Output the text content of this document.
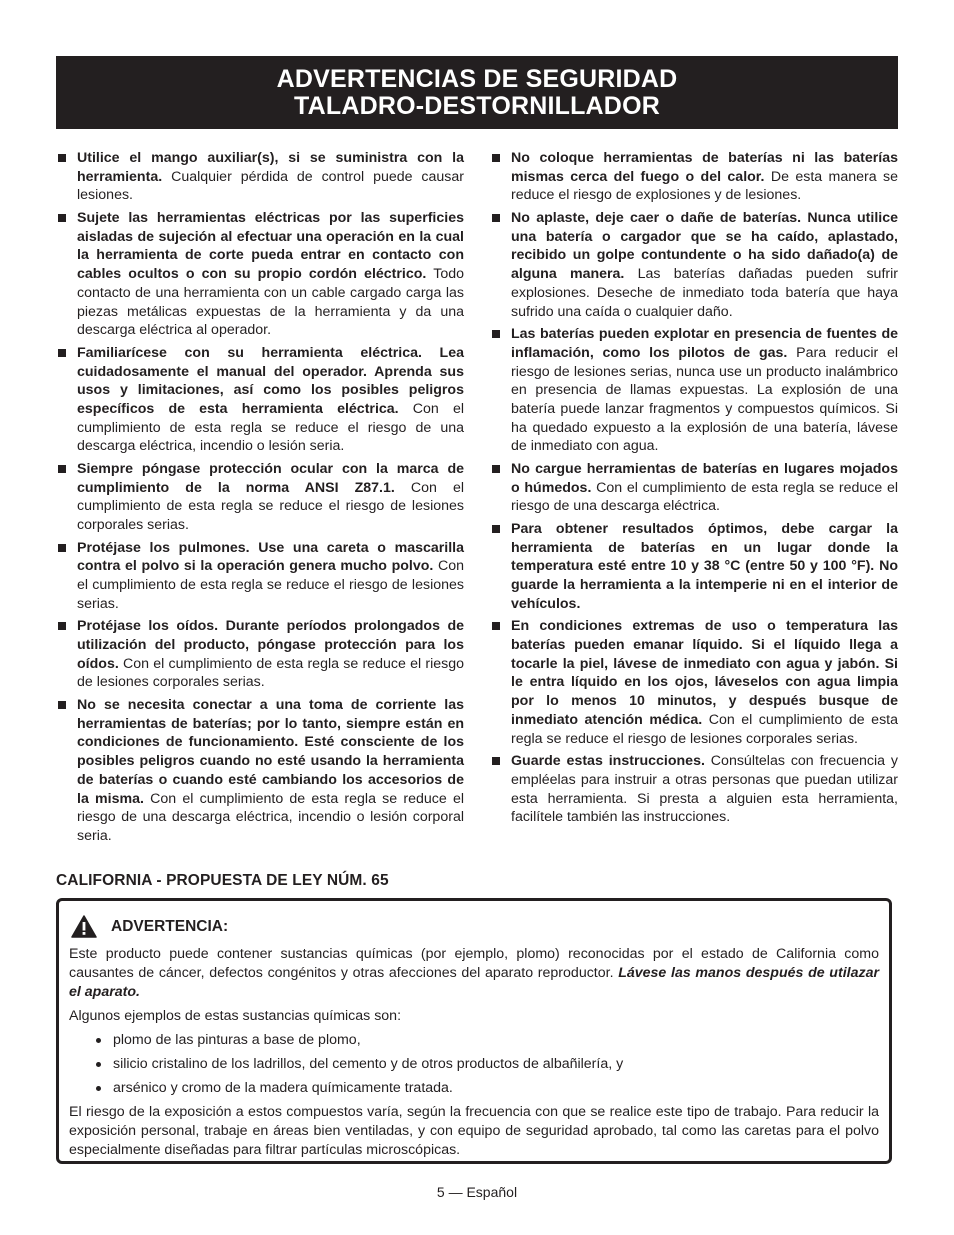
ADVERTENCIAS DE SEGURIDAD
TALADRO-DESTORNILLADOR
Utilice el mango auxiliar(s), si se suministra con la herramienta. Cualquier pérdida de control puede causar lesiones.
Sujete las herramientas eléctricas por las superficies aisladas de sujeción al efectuar una operación en la cual la herramienta de corte pueda entrar en contacto con cables ocultos o con su propio cordón eléctrico. Todo contacto de una herramienta con un cable cargado carga las piezas metálicas expuestas de la herramienta y da una descarga eléctrica al operador.
Familiarícese con su herramienta eléctrica. Lea cuidadosamente el manual del operador. Aprenda sus usos y limitaciones, así como los posibles peligros específicos de esta herramienta eléctrica. Con el cumplimiento de esta regla se reduce el riesgo de una descarga eléctrica, incendio o lesión seria.
Siempre póngase protección ocular con la marca de cumplimiento de la norma ANSI Z87.1. Con el cumplimiento de esta regla se reduce el riesgo de lesiones corporales serias.
Protéjase los pulmones. Use una careta o mascarilla contra el polvo si la operación genera mucho polvo. Con el cumplimiento de esta regla se reduce el riesgo de lesiones serias.
Protéjase los oídos. Durante períodos prolongados de utilización del producto, póngase protección para los oídos. Con el cumplimiento de esta regla se reduce el riesgo de lesiones corporales serias.
No se necesita conectar a una toma de corriente las herramientas de baterías; por lo tanto, siempre están en condiciones de funcionamiento. Esté consciente de los posibles peligros cuando no esté usando la herramienta de baterías o cuando esté cambiando los accesorios de la misma. Con el cumplimiento de esta regla se reduce el riesgo de una descarga eléctrica, incendio o lesión corporal seria.
No coloque herramientas de baterías ni las baterías mismas cerca del fuego o del calor. De esta manera se reduce el riesgo de explosiones y de lesiones.
No aplaste, deje caer o dañe de baterías. Nunca utilice una batería o cargador que se ha caído, aplastado, recibido un golpe contundente o ha sido dañado(a) de alguna manera. Las baterías dañadas pueden sufrir explosiones. Deseche de inmediato toda batería que haya sufrido una caída o cualquier daño.
Las baterías pueden explotar en presencia de fuentes de inflamación, como los pilotos de gas. Para reducir el riesgo de lesiones serias, nunca use un producto inalámbrico en presencia de llamas expuestas. La explosión de una batería puede lanzar fragmentos y compuestos químicos. Si ha quedado expuesto a la explosión de una batería, lávese de inmediato con agua.
No cargue herramientas de baterías en lugares mojados o húmedos. Con el cumplimiento de esta regla se reduce el riesgo de una descarga eléctrica.
Para obtener resultados óptimos, debe cargar la herramienta de baterías en un lugar donde la temperatura esté entre 10 y 38 °C (entre 50 y 100 °F). No guarde la herramienta a la intemperie ni en el interior de vehículos.
En condiciones extremas de uso o temperatura las baterías pueden emanar líquido. Si el líquido llega a tocarle la piel, lávese de inmediato con agua y jabón. Si le entra líquido en los ojos, láveselos con agua limpia por lo menos 10 minutos, y después busque de inmediato atención médica. Con el cumplimiento de esta regla se reduce el riesgo de lesiones corporales serias.
Guarde estas instrucciones. Consúltelas con frecuencia y empléelas para instruir a otras personas que puedan utilizar esta herramienta. Si presta a alguien esta herramienta, facilítele también las instrucciones.
CALIFORNIA - PROPUESTA DE LEY NÚM. 65
ADVERTENCIA:

Este producto puede contener sustancias químicas (por ejemplo, plomo) reconocidas por el estado de California como causantes de cáncer, defectos congénitos y otras afecciones del aparato reproductor. Lávese las manos después de utilazar el aparato.

Algunos ejemplos de estas sustancias químicas son:

plomo de las pinturas a base de plomo,
silicio cristalino de los ladrillos, del cemento y de otros productos de albañilería, y
arsénico y cromo de la madera químicamente tratada.

El riesgo de la exposición a estos compuestos varía, según la frecuencia con que se realice este tipo de trabajo. Para reducir la exposición personal, trabaje en áreas bien ventiladas, y con equipo de seguridad aprobado, tal como las caretas para el polvo especialmente diseñadas para filtrar partículas microscópicas.

5 — Español
